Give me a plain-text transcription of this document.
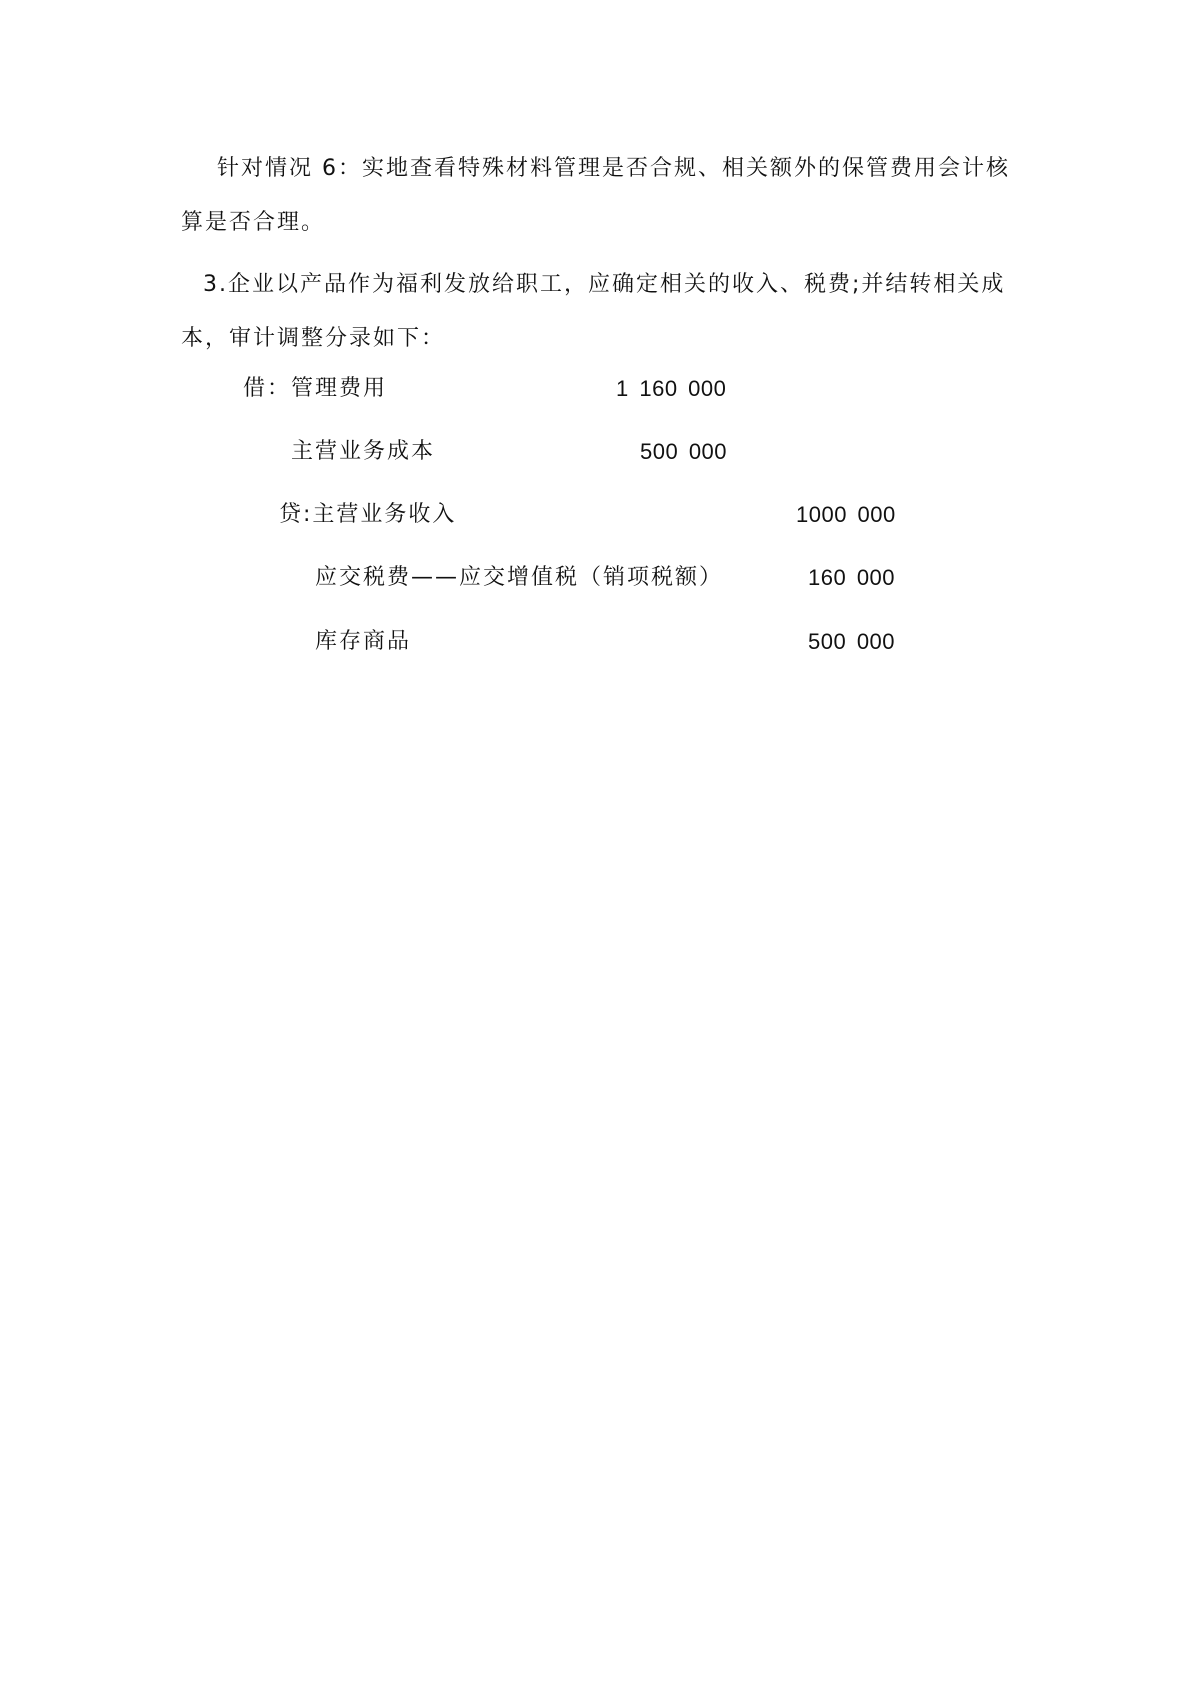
针对情况 6：实地查看特殊材料管理是否合规、相关额外的保管费用会计核
算是否合理。

3.企业以产品作为福利发放给职工，应确定相关的收入、税费;并结转相关成
本，审计调整分录如下：

借：管理费用	1 160 000
主营业务成本	500 000
贷:主营业务收入	1000 000
应交税费——应交增值税（销项税额）	160 000
库存商品	500 000
